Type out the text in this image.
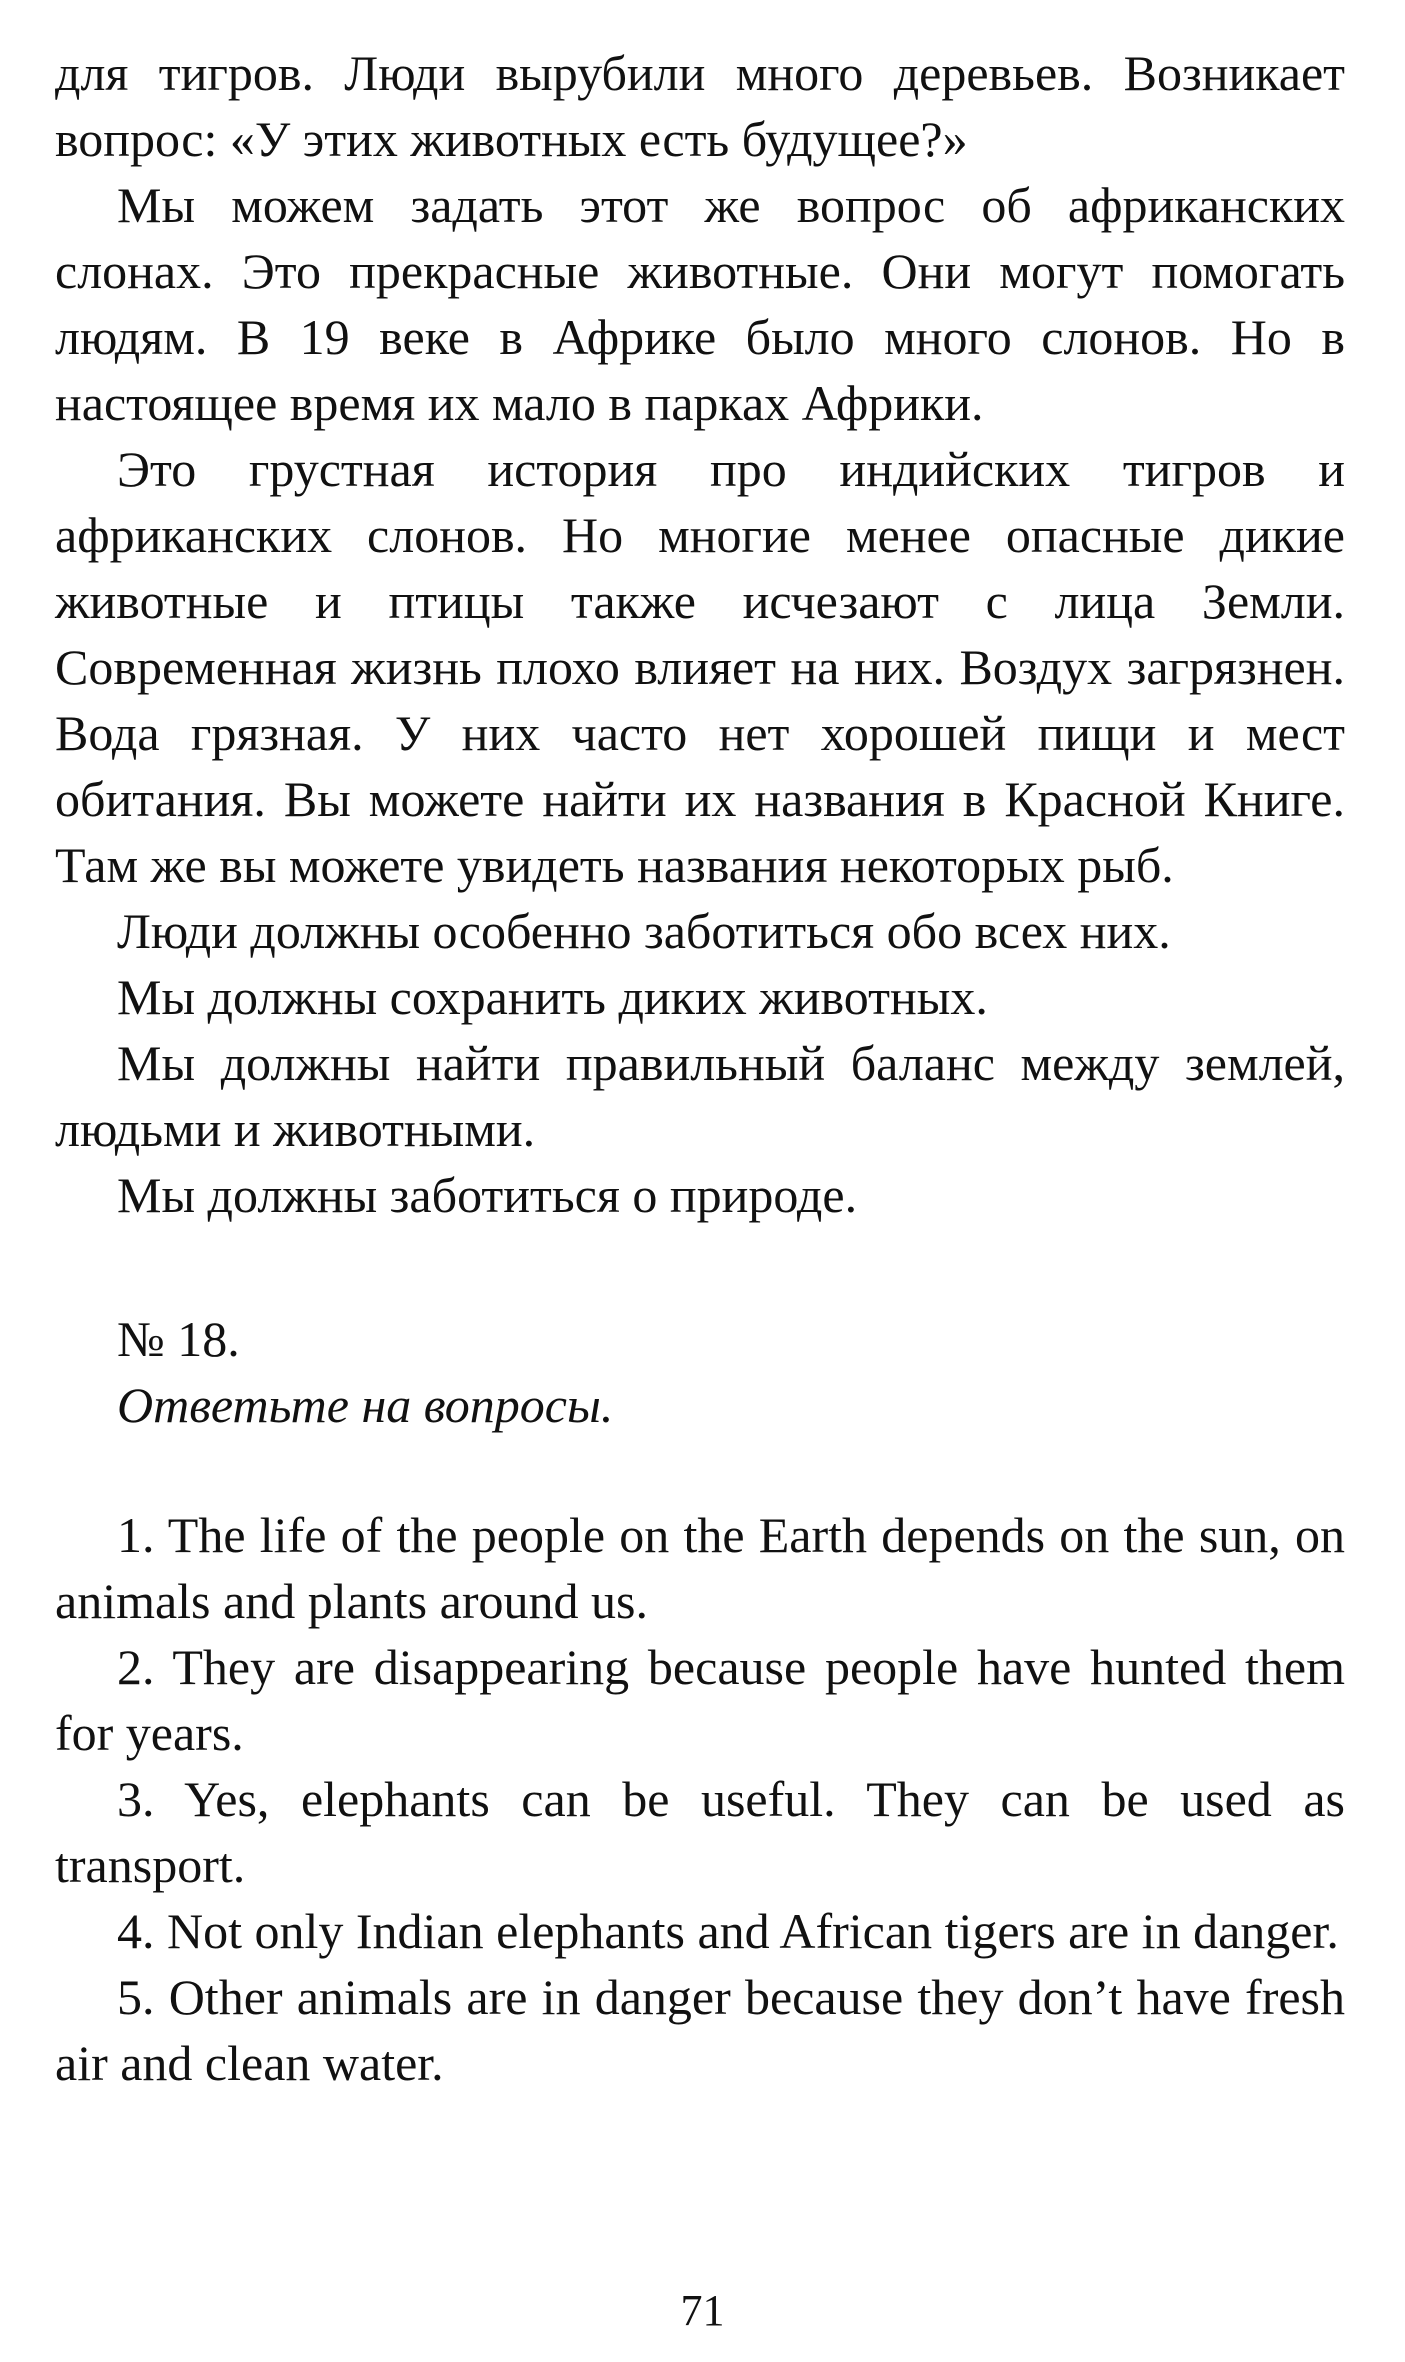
для тигров. Люди вырубили много деревьев. Возникает вопрос: «У этих животных есть будущее?»

Мы можем задать этот же вопрос об африканских слонах. Это прекрасные животные. Они могут помогать людям. В 19 веке в Африке было много слонов. Но в настоящее время их мало в парках Африки.

Это грустная история про индийских тигров и африканских слонов. Но многие менее опасные дикие животные и птицы также исчезают с лица Земли. Современная жизнь плохо влияет на них. Воздух загрязнен. Вода грязная. У них часто нет хорошей пищи и мест обитания. Вы можете найти их названия в Красной Книге. Там же вы можете увидеть названия некоторых рыб.

Люди должны особенно заботиться обо всех них.

Мы должны сохранить диких животных.

Мы должны найти правильный баланс между землей, людьми и животными.

Мы должны заботиться о природе.

№ 18.

Ответьте на вопросы.

1. The life of the people on the Earth depends on the sun, on animals and plants around us.

2. They are disappearing because people have hunted them for years.

3. Yes, elephants can be useful. They can be used as transport.

4. Not only Indian elephants and African tigers are in danger.

5. Other animals are in danger because they don’t have fresh air and clean water.

71
